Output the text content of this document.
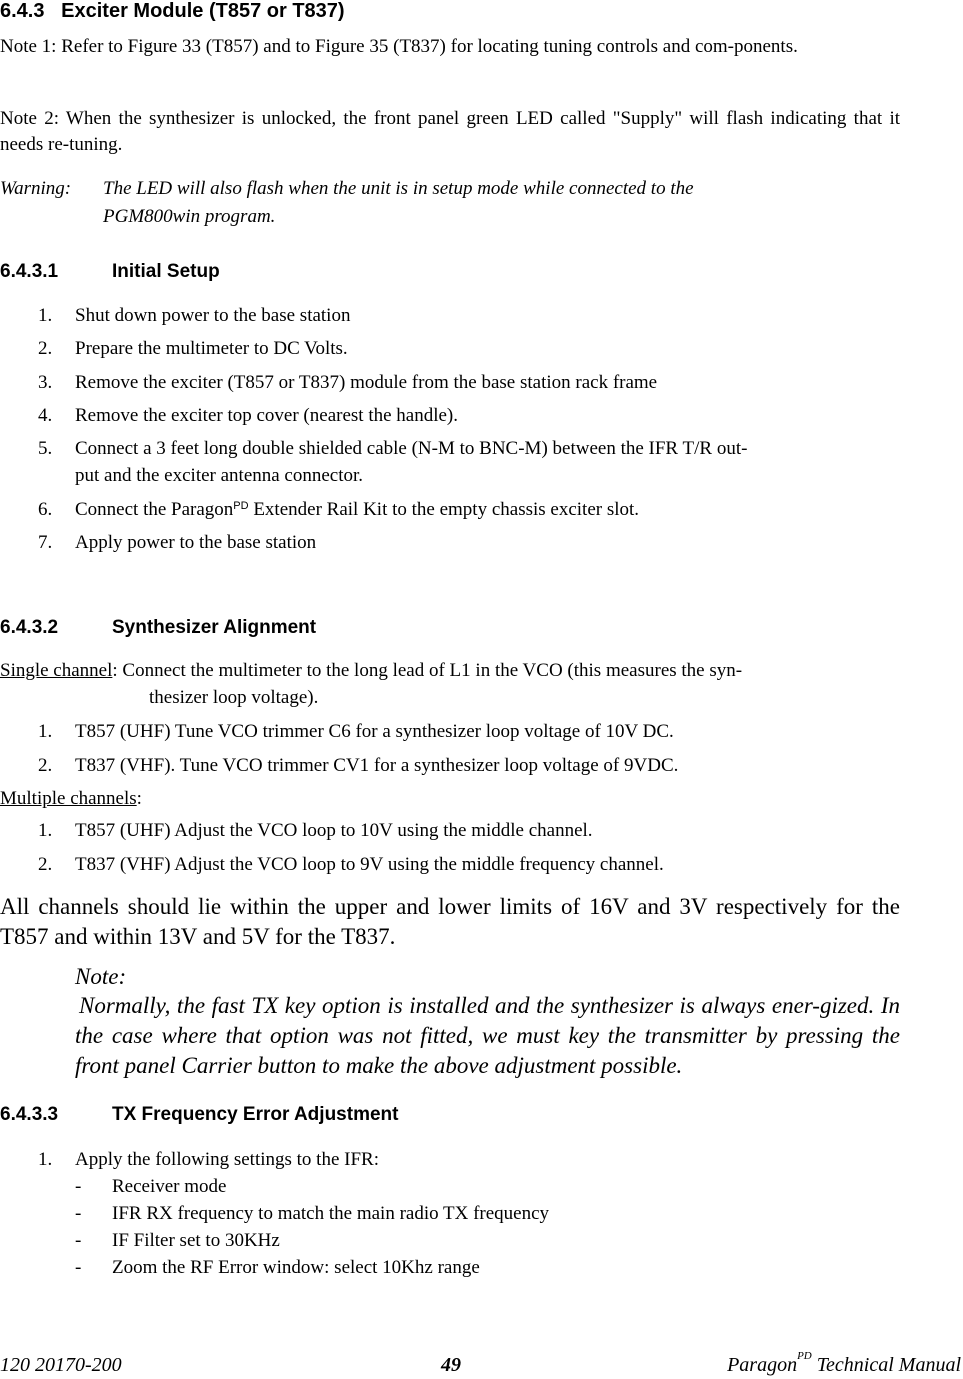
6.4.3 Exciter Module (T857 or T837)
Note 1: Refer to Figure 33 (T857) and to Figure 35 (T837) for locating tuning controls and com-ponents.
Note 2: When the synthesizer is unlocked, the front panel green LED called "Supply" will flash indicating that it needs re-tuning.
Warning: The LED will also flash when the unit is in setup mode while connected to the
PGM800win program.
6.4.3.1	Initial Setup
1. Shut down power to the base station
2. Prepare the multimeter to DC Volts.
3. Remove the exciter (T857 or T837) module from the base station rack frame
4. Remove the exciter top cover (nearest the handle).
5. Connect a 3 feet long double shielded cable (N-M to BNC-M) between the IFR T/R out-
put and the exciter antenna connector.
6. Connect the Paragon$^{PD}$ Extender Rail Kit to the empty chassis exciter slot.
7. Apply power to the base station
6.4.3.2	Synthesizer Alignment
Single channel: Connect the multimeter to the long lead of L1 in the VCO (this measures the syn-
thesizer loop voltage).
1. T857 (UHF) Tune VCO trimmer C6 for a synthesizer loop voltage of 10V DC.
2. T837 (VHF). Tune VCO trimmer CV1 for a synthesizer loop voltage of 9VDC.
Multiple channels:
1. T857 (UHF) Adjust the VCO loop to 10V using the middle channel.
2. T837 (VHF) Adjust the VCO loop to 9V using the middle frequency channel.
All channels should lie within the upper and lower limits of 16V and 3V respectively for the T857 and within 13V and 5V for the T837.
Note:
Normally, the fast TX key option is installed and the synthesizer is always ener-gized. In the case where that option was not fitted, we must key the transmitter by pressing the front panel Carrier button to make the above adjustment possible.
6.4.3.3	TX Frequency Error Adjustment
1. Apply the following settings to the IFR:
- Receiver mode
- IFR RX frequency to match the main radio TX frequency
- IF Filter set to 30KHz
- Zoom the RF Error window: select 10Khz range
120 20170-200	49	Paragon$^{PD}$ Technical Manual
